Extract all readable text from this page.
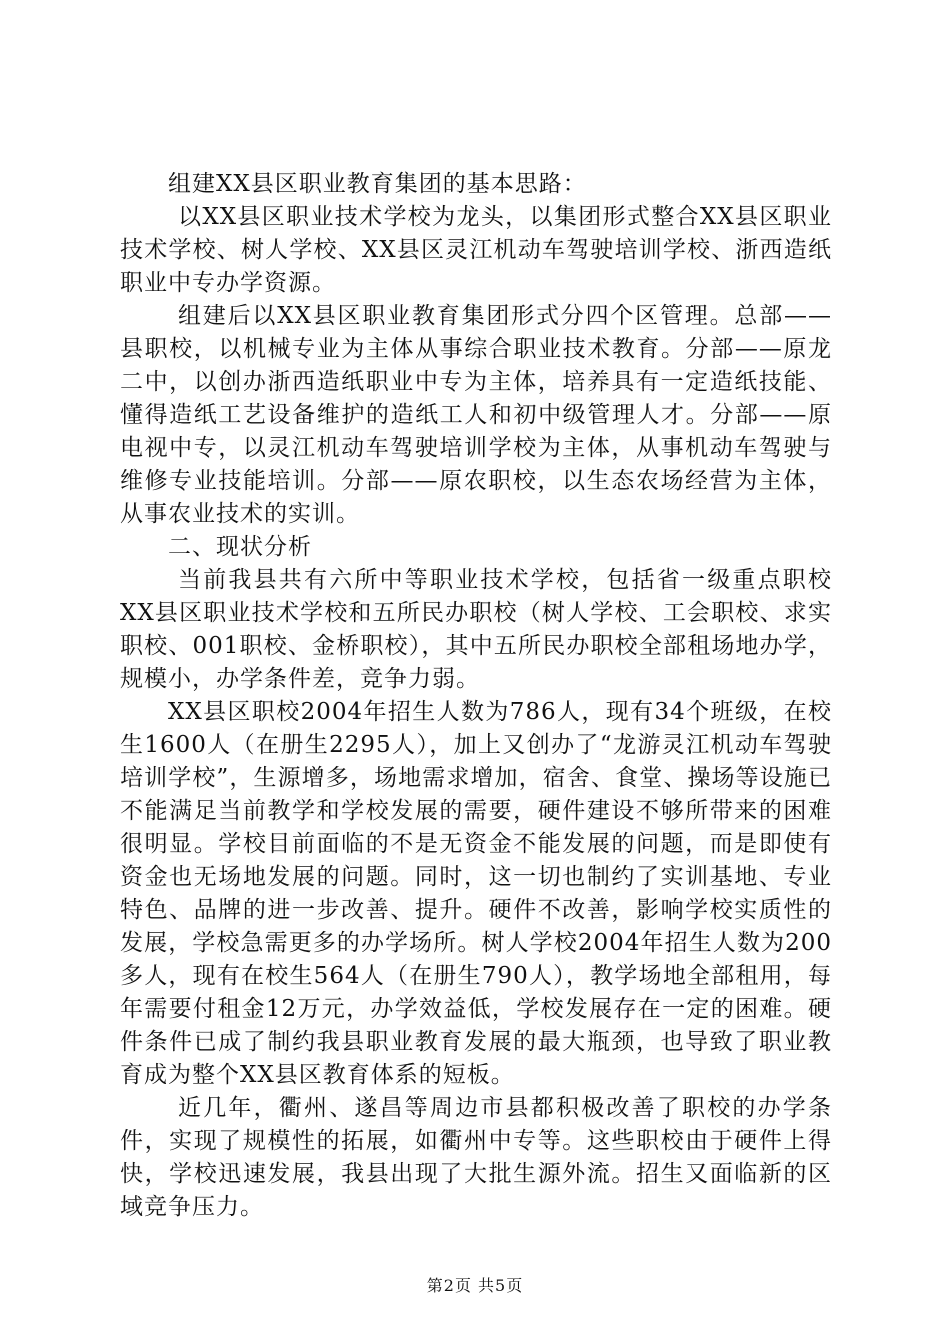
组建XX县区职业教育集团的基本思路：

以XX县区职业技术学校为龙头，以集团形式整合XX县区职业技术学校、树人学校、XX县区灵江机动车驾驶培训学校、浙西造纸职业中专办学资源。

组建后以XX县区职业教育集团形式分四个区管理。总部——县职校，以机械专业为主体从事综合职业技术教育。分部——原龙二中，以创办浙西造纸职业中专为主体，培养具有一定造纸技能、懂得造纸工艺设备维护的造纸工人和初中级管理人才。分部——原电视中专，以灵江机动车驾驶培训学校为主体，从事机动车驾驶与维修专业技能培训。分部——原农职校，以生态农场经营为主体，从事农业技术的实训。

二、现状分析

当前我县共有六所中等职业技术学校，包括省一级重点职校XX县区职业技术学校和五所民办职校（树人学校、工会职校、求实职校、001职校、金桥职校），其中五所民办职校全部租场地办学，规模小，办学条件差，竞争力弱。

XX县区职校2004年招生人数为786人，现有34个班级，在校生1600人（在册生2295人），加上又创办了“龙游灵江机动车驾驶培训学校”，生源增多，场地需求增加，宿舍、食堂、操场等设施已不能满足当前教学和学校发展的需要，硬件建设不够所带来的困难很明显。学校目前面临的不是无资金不能发展的问题，而是即使有资金也无场地发展的问题。同时，这一切也制约了实训基地、专业特色、品牌的进一步改善、提升。硬件不改善，影响学校实质性的发展，学校急需更多的办学场所。树人学校2004年招生人数为200多人，现有在校生564人（在册生790人），教学场地全部租用，每年需要付租金12万元，办学效益低，学校发展存在一定的困难。硬件条件已成了制约我县职业教育发展的最大瓶颈，也导致了职业教育成为整个XX县区教育体系的短板。

近几年，衢州、遂昌等周边市县都积极改善了职校的办学条件，实现了规模性的拓展，如衢州中专等。这些职校由于硬件上得快，学校迅速发展，我县出现了大批生源外流。招生又面临新的区域竞争压力。

第2页 共5页
